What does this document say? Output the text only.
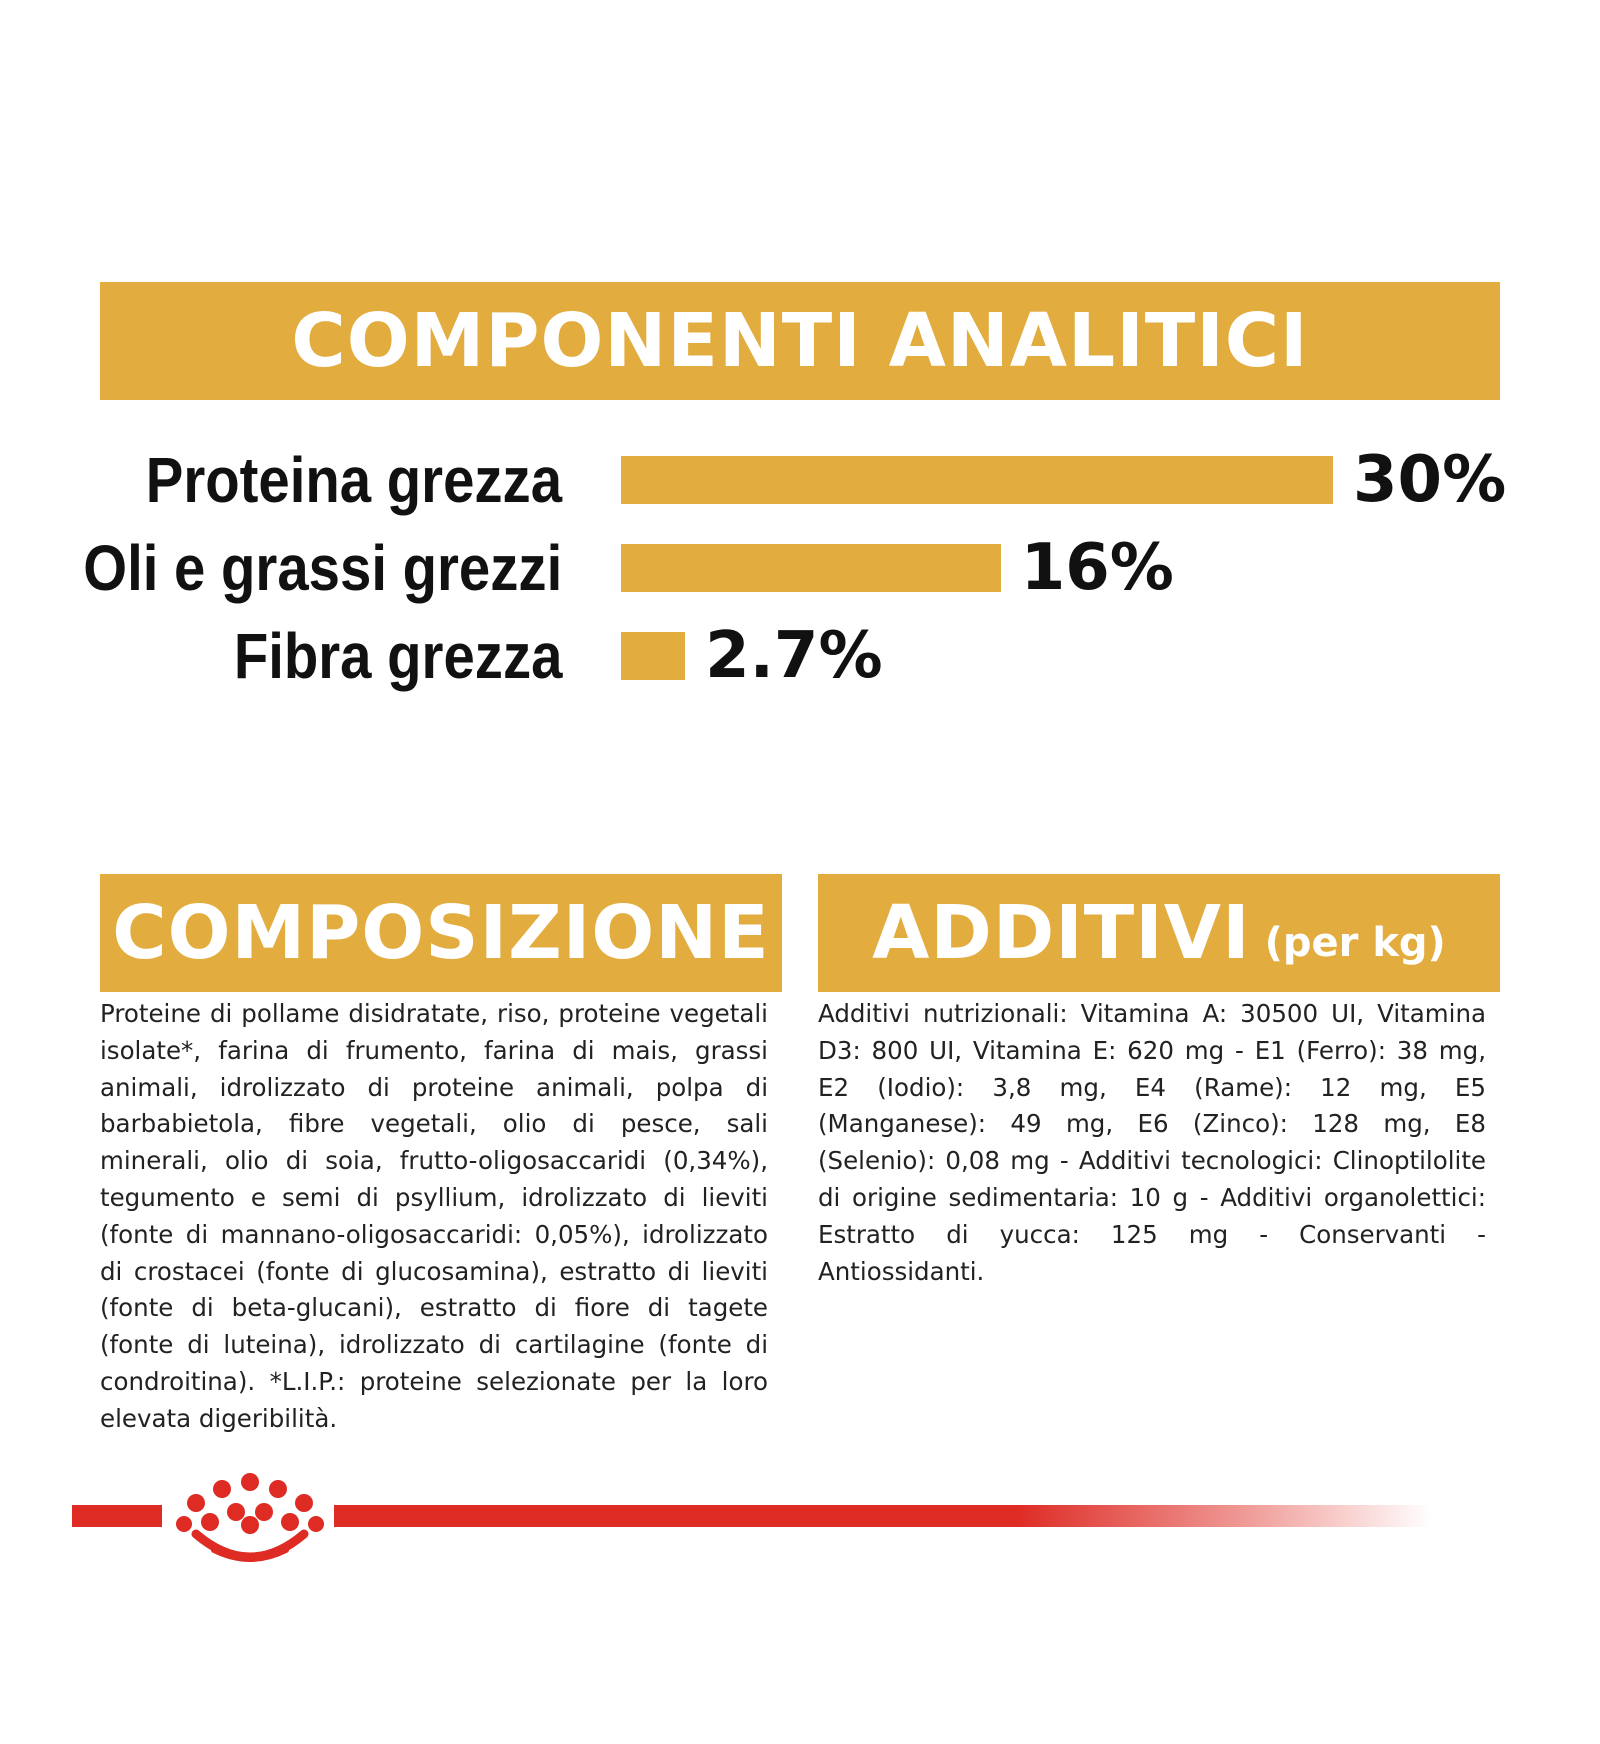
COMPONENTI ANALITICI
Proteina grezza	30%
Oli e grassi grezzi	16%
Fibra grezza 2.7%
COMPOSIZIONE
Proteine di pollame disidratate, riso, proteine vegetali isolate*, farina di frumento, farina di mais, grassi animali, idrolizzato di proteine animali, polpa di barbabietola, fibre vegetali, olio di pesce, sali minerali, olio di soia, frutto-oligosaccaridi (0,34%), tegumento e semi di psyllium, idrolizzato di lieviti (fonte di mannano-oligosaccaridi: 0,05%), idrolizzato di crostacei (fonte di glucosamina), estratto di lieviti (fonte di beta-glucani), estratto di fiore di tagete (fonte di luteina), idrolizzato di cartilagine (fonte di condroitina). *L.I.P.: proteine selezionate per la loro elevata digeribilità.
ADDITIVI (per kg)
Additivi nutrizionali: Vitamina A: 30500 UI, Vitamina D3: 800 UI, Vitamina E: 620 mg - E1 (Ferro): 38 mg, E2 (Iodio): 3,8 mg, E4 (Rame): 12 mg, E5 (Manganese): 49 mg, E6 (Zinco): 128 mg, E8 (Selenio): 0,08 mg - Additivi tecnologici: Clinoptilolite di origine sedimentaria: 10 g - Additivi organolettici: Estratto di yucca: 125 mg - Conservanti - Antiossidanti.
